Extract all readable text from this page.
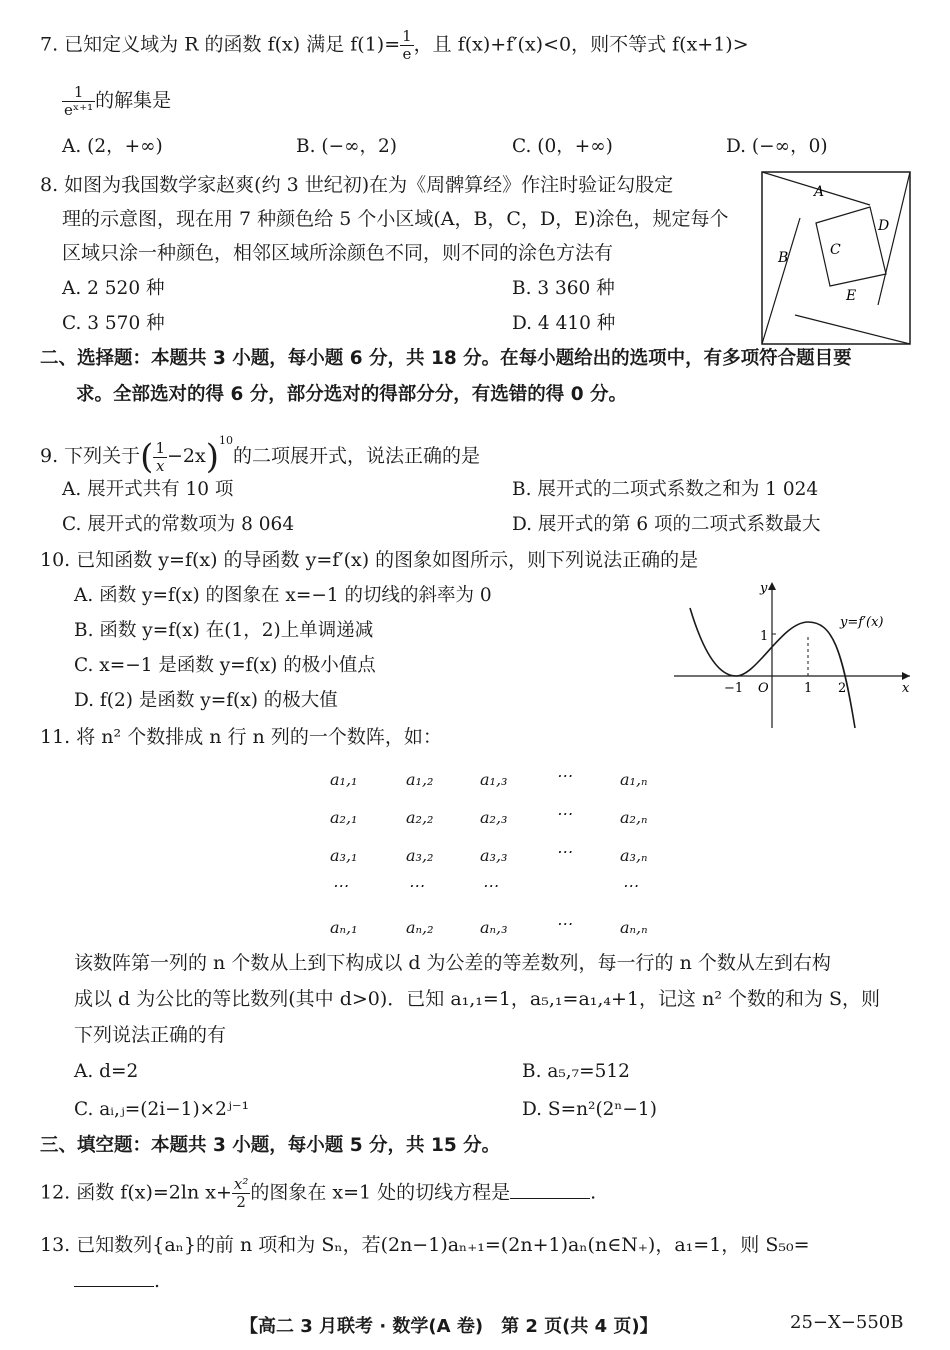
7. 已知定义域为 R 的函数 f(x) 满足 $f(1)= \frac{1}{e}$ ，且 f(x)+f′(x)<0，则不等式 f(x+1)>
$\frac{1}{\text{eˣ⁺¹}}$ 的解集是
A. (2，+∞)	B. (−∞，2)	C. (0，+∞)	D. (−∞，0)
8. 如图为我国数学家赵爽(约 3 世纪初)在为《周髀算经》作注时验证勾股定
理的示意图，现在用 7 种颜色给 5 个小区域(A，B，C，D，E)涂色，规定每个
区域只涂一种颜色，相邻区域所涂颜色不同，则不同的涂色方法有
A. 2 520 种	B. 3 360 种
C. 3 570 种	D. 4 410 种
A
B	C
D
E
二、选择题：本题共 3 小题，每小题 6 分，共 18 分。在每小题给出的选项中，有多项符合题目要
求。全部选对的得 6 分，部分选对的得部分分，有选错的得 0 分。
9. 下列关于( $\frac{1}{x} -2x)^{10}$的二项展开式，说法正确的是
A. 展开式共有 10 项	B. 展开式的二项式系数之和为 1 024
C. 展开式的常数项为 8 064	D. 展开式的第 6 项的二项式系数最大
10. 已知函数 y=f(x) 的导函数 y=f′(x) 的图象如图所示，则下列说法正确的是
A. 函数 y=f(x) 的图象在 x=−1 的切线的斜率为 0
B. 函数 y=f(x) 在(1，2)上单调递减
C. x=−1 是函数 y=f(x) 的极小值点
D. f(2) 是函数 y=f(x) 的极大值
y
x
O
−1	1 2
1
y=f′(x)
11. 将 n² 个数排成 n 行 n 列的一个数阵，如：
a₁,₁	a₁,₂	a₁,₃	⋯	a₁,ₙ
a₂,₁	a₂,₂	a₂,₃	⋯	a₂,ₙ
a₃,₁	a₃,₂	a₃,₃	⋯	a₃,ₙ
⋯	⋯	⋯	⋯
aₙ,₁	aₙ,₂	aₙ,₃	⋯	aₙ,ₙ
该数阵第一列的 n 个数从上到下构成以 d 为公差的等差数列，每一行的 n 个数从左到右构
成以 d 为公比的等比数列(其中 d>0)．已知 a₁,₁=1，a₅,₁=a₁,₄+1，记这 n² 个数的和为 S，则
下列说法正确的有
A. d=2	B. a₅,₇=512
C. aᵢ,ⱼ=(2i−1)×2ʲ⁻¹	D. S=n²(2ⁿ−1)
三、填空题：本题共 3 小题，每小题 5 分，共 15 分。
12. 函数 f(x)=2ln $x+ \frac{\text{x²}}{2}$ 的图象在 x=1 处的切线方程是	.
13. 已知数列{aₙ}的前 n 项和为 Sₙ，若(2n−1)aₙ₊₁=(2n+1)aₙ(n∈N₊)，a₁=1，则 S₅₀=
.
【高二 3 月联考 · 数学(A 卷)　第 2 页(共 4 页)】	25−X−550B
